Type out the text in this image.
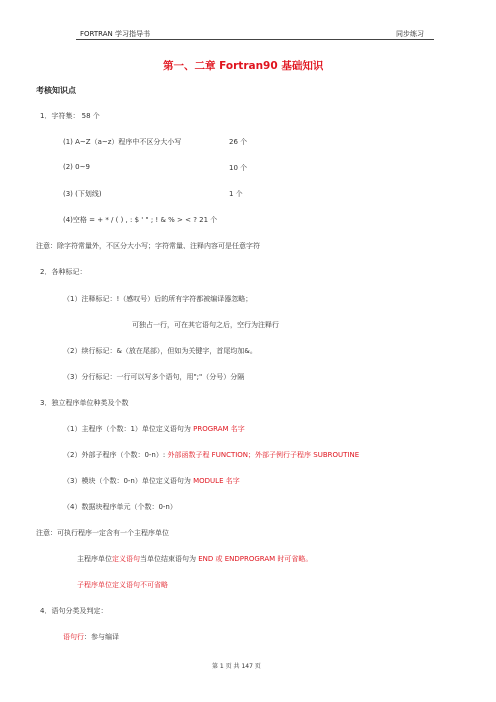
FORTRAN 学习指导书	同步练习
第一、二章 Fortran90 基础知识
考核知识点
1．字符集： 58 个
(1) A~Z（a~z）程序中不区分大小写	26 个
(2) 0~9	10 个
(3) (下划线)	1 个
(4)空格 = + * / ( ) , : $ ' " ; ! & % > < ? 21 个
注意：除字符常量外，不区分大小写；字符常量、注释内容可是任意字符
2．各种标记：
（1）注释标记：!（感叹号）后的所有字符都被编译器忽略；
可独占一行，可在其它语句之后，空行为注释行
（2）续行标记：&（放在尾部），但如为关键字，首尾均加&。
（3）分行标记：一行可以写多个语句，用";"（分号）分隔
3．独立程序单位种类及个数
（1）主程序（个数：1）单位定义语句为 PROGRAM 名字
（2）外部子程序（个数：0-n）: 外部函数子程 FUNCTION；外部子例行子程序 SUBROUTINE
（3）模块（个数：0-n）单位定义语句为 MODULE 名字
（4）数据块程序单元（个数：0-n）
注意：可执行程序一定含有一个主程序单位
主程序单位定义语句当单位结束语句为 END 或 ENDPROGRAM 时可省略。
子程序单位定义语句不可省略
4．语句分类及判定：
语句行：参与编译
第 1 页 共 147 页
